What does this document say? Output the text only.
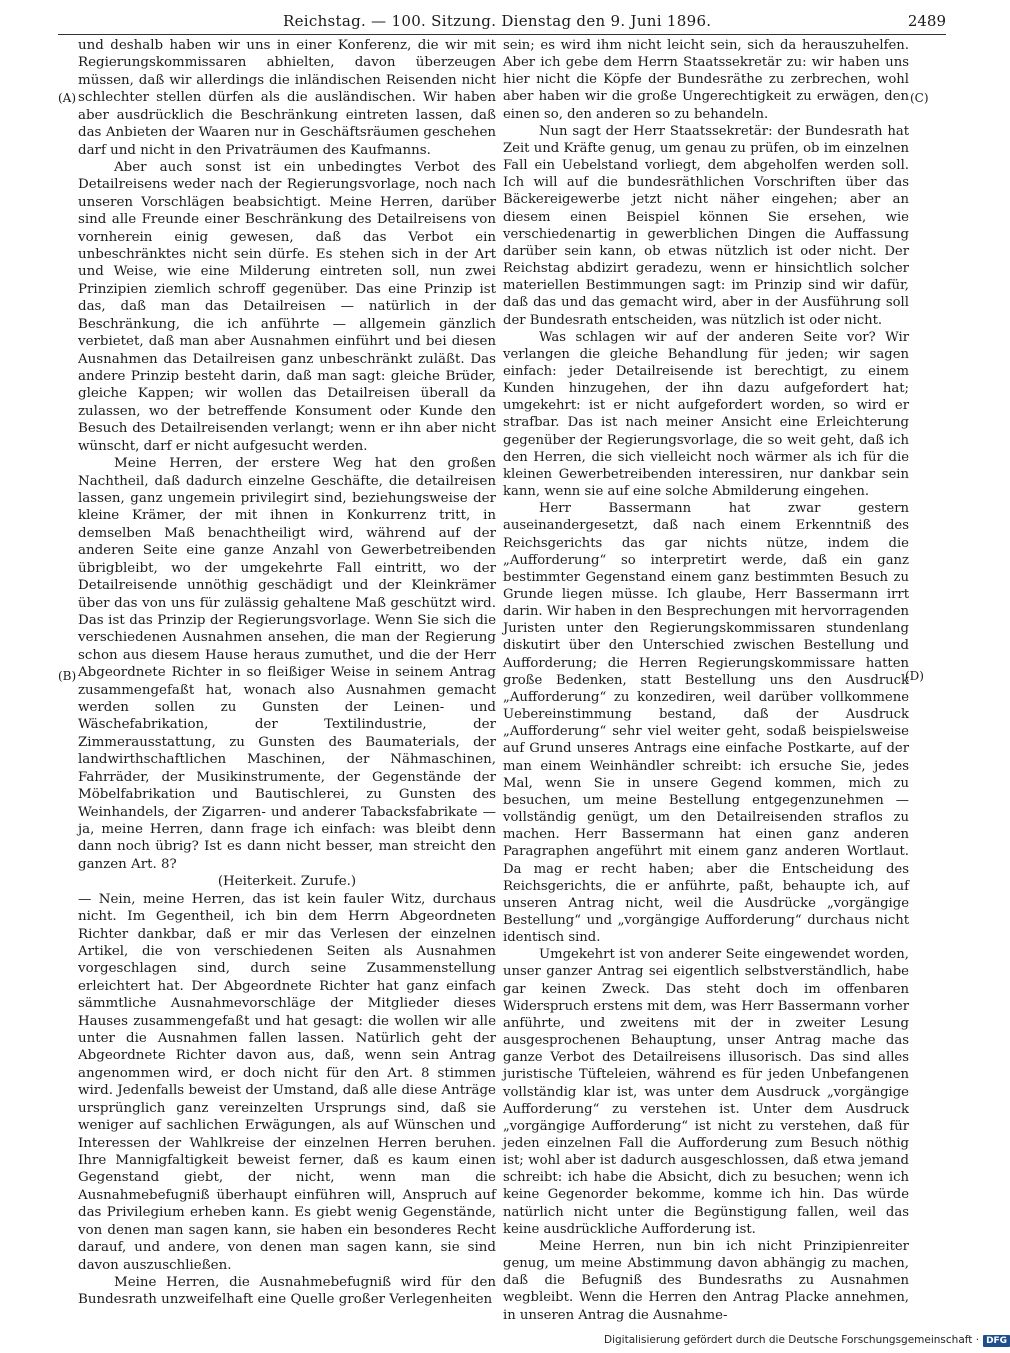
Reichstag. — 100. Sitzung. Dienstag den 9. Juni 1896.	2489
(A)
(B)
(C)
(D)

und deshalb haben wir uns in einer Konferenz, die wir mit Regierungskommissaren abhielten, davon überzeugen müssen, daß wir allerdings die inländischen Reisenden nicht schlechter stellen dürfen als die ausländischen. Wir haben aber ausdrücklich die Beschränkung eintreten lassen, daß das Anbieten der Waaren nur in Geschäftsräumen geschehen darf und nicht in den Privaträumen des Kaufmanns.

Aber auch sonst ist ein unbedingtes Verbot des Detailreisens weder nach der Regierungsvorlage, noch nach unseren Vorschlägen beabsichtigt. Meine Herren, darüber sind alle Freunde einer Beschränkung des Detailreisens von vornherein einig gewesen, daß das Verbot ein unbeschränktes nicht sein dürfe. Es stehen sich in der Art und Weise, wie eine Milderung eintreten soll, nun zwei Prinzipien ziemlich schroff gegenüber. Das eine Prinzip ist das, daß man das Detailreisen — natürlich in der Beschränkung, die ich anführte — allgemein gänzlich verbietet, daß man aber Ausnahmen einführt und bei diesen Ausnahmen das Detailreisen ganz unbeschränkt zuläßt. Das andere Prinzip besteht darin, daß man sagt: gleiche Brüder, gleiche Kappen; wir wollen das Detailreisen überall da zulassen, wo der betreffende Konsument oder Kunde den Besuch des Detailreisenden verlangt; wenn er ihn aber nicht wünscht, darf er nicht aufgesucht werden.

Meine Herren, der erstere Weg hat den großen Nachtheil, daß dadurch einzelne Geschäfte, die detailreisen lassen, ganz ungemein privilegirt sind, beziehungsweise der kleine Krämer, der mit ihnen in Konkurrenz tritt, in demselben Maß benachtheiligt wird, während auf der anderen Seite eine ganze Anzahl von Gewerbetreibenden übrigbleibt, wo der umgekehrte Fall eintritt, wo der Detailreisende unnöthig geschädigt und der Kleinkrämer über das von uns für zulässig gehaltene Maß geschützt wird. Das ist das Prinzip der Regierungsvorlage. Wenn Sie sich die verschiedenen Ausnahmen ansehen, die man der Regierung schon aus diesem Hause heraus zumuthet, und die der Herr Abgeordnete Richter in so fleißiger Weise in seinem Antrag zusammengefaßt hat, wonach also Ausnahmen gemacht werden sollen zu Gunsten der Leinen- und Wäschefabrikation, der Textilindustrie, der Zimmerausstattung, zu Gunsten des Baumaterials, der landwirthschaftlichen Maschinen, der Nähmaschinen, Fahrräder, der Musikinstrumente, der Gegenstände der Möbelfabrikation und Bautischlerei, zu Gunsten des Weinhandels, der Zigarren- und anderer Tabacksfabrikate — ja, meine Herren, dann frage ich einfach: was bleibt denn dann noch übrig? Ist es dann nicht besser, man streicht den ganzen Art. 8?

(Heiterkeit. Zurufe.)

— Nein, meine Herren, das ist kein fauler Witz, durchaus nicht. Im Gegentheil, ich bin dem Herrn Abgeordneten Richter dankbar, daß er mir das Verlesen der einzelnen Artikel, die von verschiedenen Seiten als Ausnahmen vorgeschlagen sind, durch seine Zusammenstellung erleichtert hat. Der Abgeordnete Richter hat ganz einfach sämmtliche Ausnahmevorschläge der Mitglieder dieses Hauses zusammengefaßt und hat gesagt: die wollen wir alle unter die Ausnahmen fallen lassen. Natürlich geht der Abgeordnete Richter davon aus, daß, wenn sein Antrag angenommen wird, er doch nicht für den Art. 8 stimmen wird. Jedenfalls beweist der Umstand, daß alle diese Anträge ursprünglich ganz vereinzelten Ursprungs sind, daß sie weniger auf sachlichen Erwägungen, als auf Wünschen und Interessen der Wahlkreise der einzelnen Herren beruhen. Ihre Mannigfaltigkeit beweist ferner, daß es kaum einen Gegenstand giebt, der nicht, wenn man die Ausnahmebefugniß überhaupt einführen will, Anspruch auf das Privilegium erheben kann. Es giebt wenig Gegenstände, von denen man sagen kann, sie haben ein besonderes Recht darauf, und andere, von denen man sagen kann, sie sind davon auszuschließen.

Meine Herren, die Ausnahmebefugniß wird für den Bundesrath unzweifelhaft eine Quelle großer Verlegenheiten

sein; es wird ihm nicht leicht sein, sich da herauszuhelfen. Aber ich gebe dem Herrn Staatssekretär zu: wir haben uns hier nicht die Köpfe der Bundesräthe zu zerbrechen, wohl aber haben wir die große Ungerechtigkeit zu erwägen, den einen so, den anderen so zu behandeln.

Nun sagt der Herr Staatssekretär: der Bundesrath hat Zeit und Kräfte genug, um genau zu prüfen, ob im einzelnen Fall ein Uebelstand vorliegt, dem abgeholfen werden soll. Ich will auf die bundesräthlichen Vorschriften über das Bäckereigewerbe jetzt nicht näher eingehen; aber an diesem einen Beispiel können Sie ersehen, wie verschiedenartig in gewerblichen Dingen die Auffassung darüber sein kann, ob etwas nützlich ist oder nicht. Der Reichstag abdizirt geradezu, wenn er hinsichtlich solcher materiellen Bestimmungen sagt: im Prinzip sind wir dafür, daß das und das gemacht wird, aber in der Ausführung soll der Bundesrath entscheiden, was nützlich ist oder nicht.

Was schlagen wir auf der anderen Seite vor? Wir verlangen die gleiche Behandlung für jeden; wir sagen einfach: jeder Detailreisende ist berechtigt, zu einem Kunden hinzugehen, der ihn dazu aufgefordert hat; umgekehrt: ist er nicht aufgefordert worden, so wird er strafbar. Das ist nach meiner Ansicht eine Erleichterung gegenüber der Regierungsvorlage, die so weit geht, daß ich den Herren, die sich vielleicht noch wärmer als ich für die kleinen Gewerbetreibenden interessiren, nur dankbar sein kann, wenn sie auf eine solche Abmilderung eingehen.

Herr Bassermann hat zwar gestern auseinandergesetzt, daß nach einem Erkenntniß des Reichsgerichts das gar nichts nütze, indem die „Aufforderung“ so interpretirt werde, daß ein ganz bestimmter Gegenstand einem ganz bestimmten Besuch zu Grunde liegen müsse. Ich glaube, Herr Bassermann irrt darin. Wir haben in den Besprechungen mit hervorragenden Juristen unter den Regierungskommissaren stundenlang diskutirt über den Unterschied zwischen Bestellung und Aufforderung; die Herren Regierungskommissare hatten große Bedenken, statt Bestellung uns den Ausdruck „Aufforderung“ zu konzediren, weil darüber vollkommene Uebereinstimmung bestand, daß der Ausdruck „Aufforderung“ sehr viel weiter geht, sodaß beispielsweise auf Grund unseres Antrags eine einfache Postkarte, auf der man einem Weinhändler schreibt: ich ersuche Sie, jedes Mal, wenn Sie in unsere Gegend kommen, mich zu besuchen, um meine Bestellung entgegenzunehmen — vollständig genügt, um den Detailreisenden straflos zu machen. Herr Bassermann hat einen ganz anderen Paragraphen angeführt mit einem ganz anderen Wortlaut. Da mag er recht haben; aber die Entscheidung des Reichsgerichts, die er anführte, paßt, behaupte ich, auf unseren Antrag nicht, weil die Ausdrücke „vorgängige Bestellung“ und „vorgängige Aufforderung“ durchaus nicht identisch sind.

Umgekehrt ist von anderer Seite eingewendet worden, unser ganzer Antrag sei eigentlich selbstverständlich, habe gar keinen Zweck. Das steht doch im offenbaren Widerspruch erstens mit dem, was Herr Bassermann vorher anführte, und zweitens mit der in zweiter Lesung ausgesprochenen Behauptung, unser Antrag mache das ganze Verbot des Detailreisens illusorisch. Das sind alles juristische Tüfteleien, während es für jeden Unbefangenen vollständig klar ist, was unter dem Ausdruck „vorgängige Aufforderung“ zu verstehen ist. Unter dem Ausdruck „vorgängige Aufforderung“ ist nicht zu verstehen, daß für jeden einzelnen Fall die Aufforderung zum Besuch nöthig ist; wohl aber ist dadurch ausgeschlossen, daß etwa jemand schreibt: ich habe die Absicht, dich zu besuchen; wenn ich keine Gegenorder bekomme, komme ich hin. Das würde natürlich nicht unter die Begünstigung fallen, weil das keine ausdrückliche Aufforderung ist.

Meine Herren, nun bin ich nicht Prinzipienreiter genug, um meine Abstimmung davon abhängig zu machen, daß die Befugniß des Bundesraths zu Ausnahmen wegbleibt. Wenn die Herren den Antrag Placke annehmen, in unseren Antrag die Ausnahme-

Digitalisierung gefördert durch die Deutsche Forschungsgemeinschaft · DFG
